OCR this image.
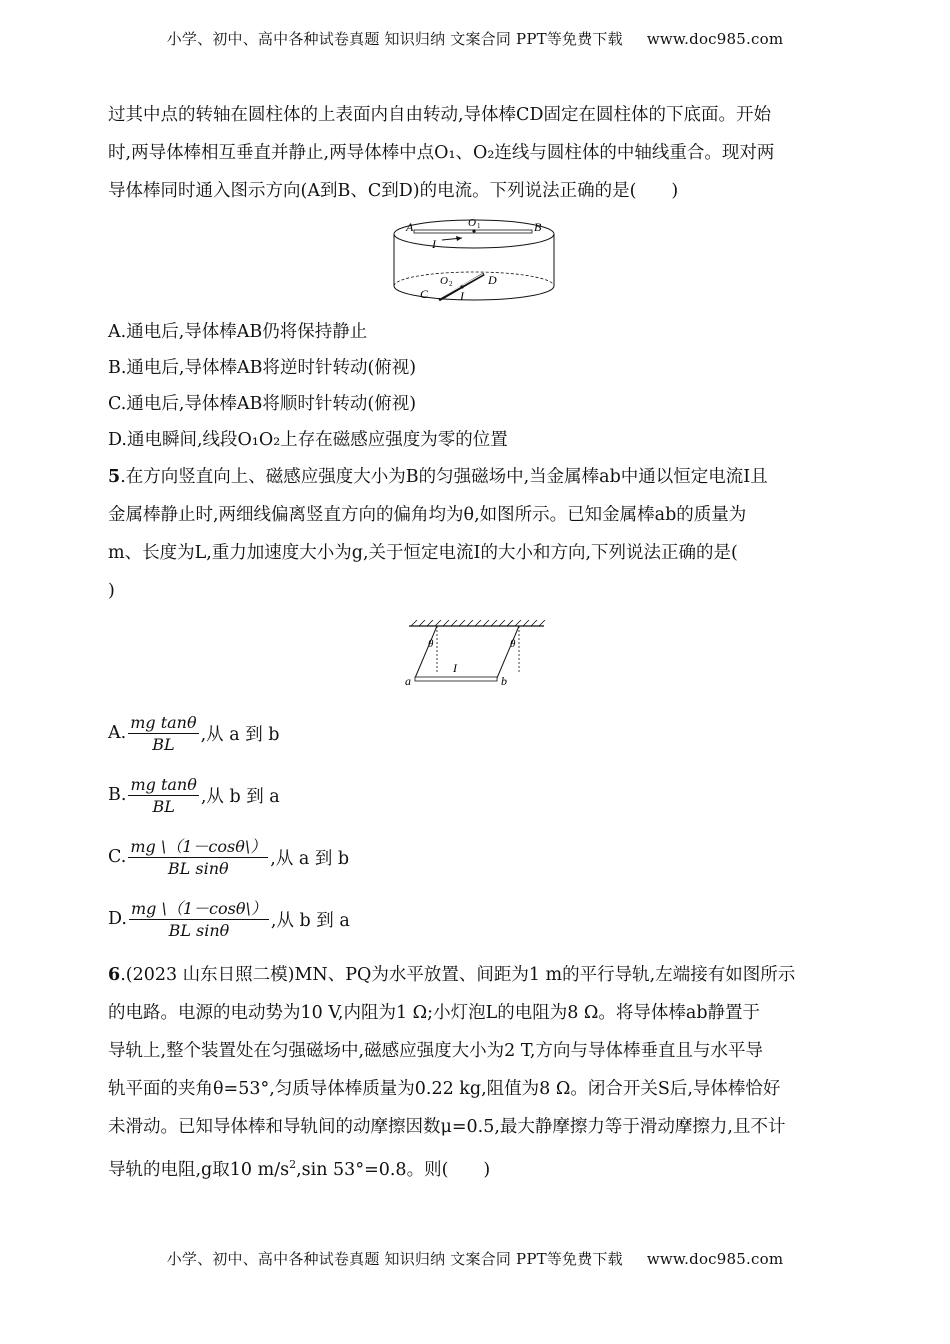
小学、初中、高中各种试卷真题 知识归纳 文案合同 PPT等免费下载 www.doc985.com

过其中点的转轴在圆柱体的上表面内自由转动,导体棒CD固定在圆柱体的下底面。开始

时,两导体棒相互垂直并静止,两导体棒中点O₁、O₂连线与圆柱体的中轴线重合。现对两

导体棒同时通入图示方向(A到B、C到D)的电流。下列说法正确的是(　　)

A	O 1	B
I
O 2	D
C	I

A.通电后,导体棒AB仍将保持静止

B.通电后,导体棒AB将逆时针转动(俯视)

C.通电后,导体棒AB将顺时针转动(俯视)

D.通电瞬间,线段O₁O₂上存在磁感应强度为零的位置

5.在方向竖直向上、磁感应强度大小为B的匀强磁场中,当金属棒ab中通以恒定电流I且

金属棒静止时,两细线偏离竖直方向的偏角均为θ,如图所示。已知金属棒ab的质量为

m、长度为L,重力加速度大小为g,关于恒定电流I的大小和方向,下列说法正确的是(

)

θ	θ
I
a	b
A. $\frac{\text{mg tanθ}}{BL}$ ,从 a 到 b
B. $\frac{\text{mg tanθ}}{BL}$ ,从 b 到 a
C. $\frac{mg \backslash(1-\cos\theta\backslash)}{\text{BL sinθ}}$ ,从 a 到 b
D. $\frac{mg \backslash(1-\cos\theta\backslash)}{\text{BL sinθ}}$ ,从 b 到 a

6.(2023 山东日照二模)MN、PQ为水平放置、间距为1 m的平行导轨,左端接有如图所示

的电路。电源的电动势为10 V,内阻为1 Ω;小灯泡L的电阻为8 Ω。将导体棒ab静置于

导轨上,整个装置处在匀强磁场中,磁感应强度大小为2 T,方向与导体棒垂直且与水平导

轨平面的夹角θ=53°,匀质导体棒质量为0.22 kg,阻值为8 Ω。闭合开关S后,导体棒恰好

未滑动。已知导体棒和导轨间的动摩擦因数μ=0.5,最大静摩擦力等于滑动摩擦力,且不计

导轨的电阻,g取10 $m/s^2,\sin$ 53°=0.8。则(　　)

小学、初中、高中各种试卷真题 知识归纳 文案合同 PPT等免费下载 www.doc985.com
